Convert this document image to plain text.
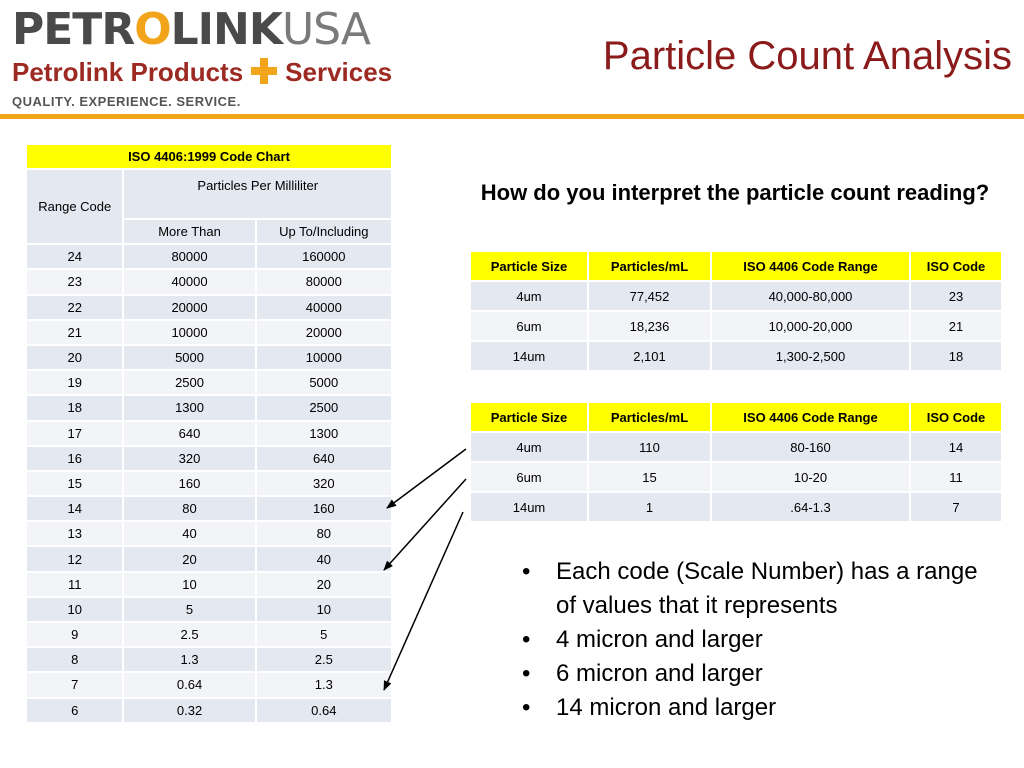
PETROLINKUSA
Petrolink Products Services
QUALITY. EXPERIENCE. SERVICE.
Particle Count Analysis
ISO 4406:1999 Code Chart		
Range Code	Particles Per Milliliter	
	More Than	Up To/Including
24	80000	160000
23	40000	80000
22	20000	40000
21	10000	20000
20	5000	10000
19	2500	5000
18	1300	2500
17	640	1300
16	320	640
15	160	320
14	80	160
13	40	80
12	20	40
11	10	20
10	5	10
9	2.5	5
8	1.3	2.5
7	0.64	1.3
6	0.32	0.64
How do you interpret the particle count reading?
Particle Size	Particles/mL	ISO 4406 Code Range	ISO Code
4um	77,452	40,000-80,000	23
6um	18,236	10,000-20,000	21
14um	2,101	1,300-2,500	18
Particle Size	Particles/mL	ISO 4406 Code Range	ISO Code
4um	110	80-160	14
6um	15	10-20	11
14um	1	.64-1.3	7
• Each code (Scale Number) has a range of values that it represents
• 4 micron and larger
• 6 micron and larger
• 14 micron and larger
